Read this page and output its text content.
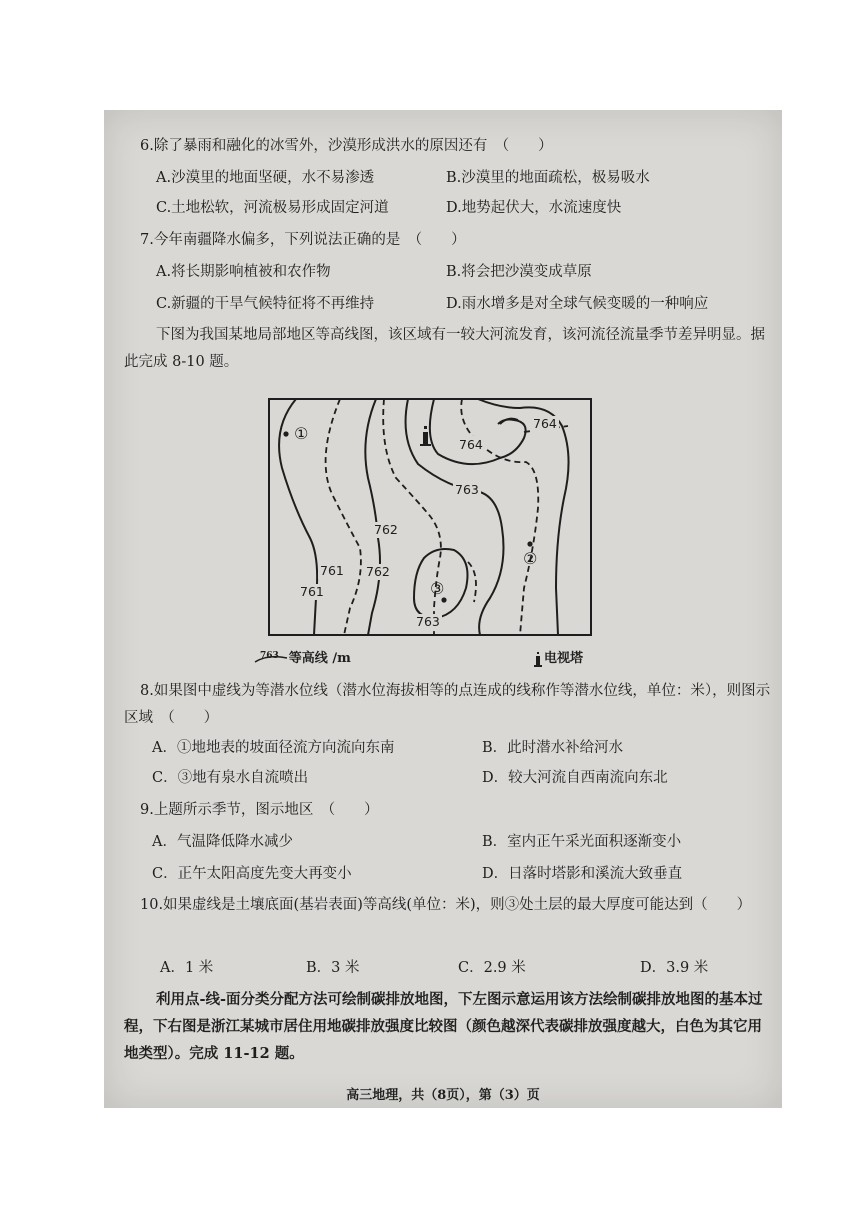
6.除了暴雨和融化的冰雪外，沙漠形成洪水的原因还有　（　　）
A.沙漠里的地面坚硬，水不易渗透	B.沙漠里的地面疏松，极易吸水
C.土地松软，河流极易形成固定河道	D.地势起伏大，水流速度快
7.今年南疆降水偏多，下列说法正确的是　（　　）
A.将长期影响植被和农作物	B.将会把沙漠变成草原
C.新疆的干旱气候特征将不再维持	D.雨水增多是对全球气候变暖的一种响应
下图为我国某地局部地区等高线图，该区域有一较大河流发育，该河流径流量季节差异明显。据此完成 8-10 题。
764
764
763
762
761
761
762
763
①
②
③
$^{763}$ 等高线 /m	电视塔
8.如果图中虚线为等潜水位线（潜水位海拔相等的点连成的线称作等潜水位线，单位：米），则图示区域　（　　）
A．①地地表的坡面径流方向流向东南	B．此时潜水补给河水
C．③地有泉水自流喷出	D．较大河流自西南流向东北
9.上题所示季节，图示地区　（　　）
A．气温降低降水减少	B．室内正午采光面积逐渐变小
C．正午太阳高度先变大再变小	D．日落时塔影和溪流大致垂直
10.如果虚线是土壤底面(基岩表面)等高线(单位：米)，则③处土层的最大厚度可能达到（　　）
A．1 米	B．3 米	C．2.9 米	D．3.9 米
利用点-线-面分类分配方法可绘制碳排放地图，下左图示意运用该方法绘制碳排放地图的基本过程，下右图是浙江某城市居住用地碳排放强度比较图（颜色越深代表碳排放强度越大，白色为其它用地类型）。完成 11-12 题。
高三地理，共（8页），第（3）页
